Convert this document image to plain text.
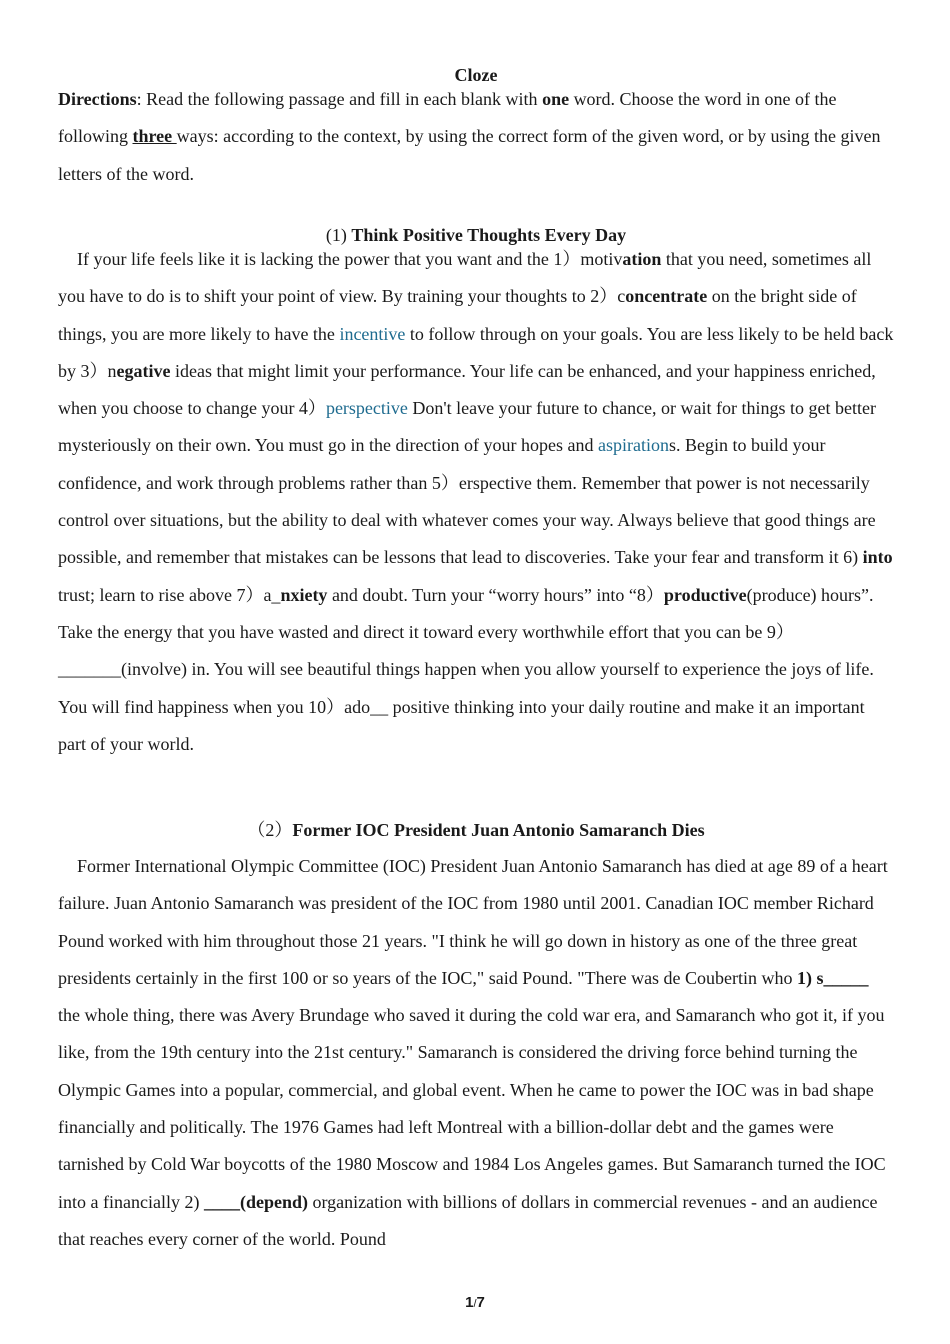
Cloze
Directions: Read the following passage and fill in each blank with one word. Choose the word in one of the following three ways: according to the context, by using the correct form of the given word, or by using the given letters of the word.
(1) Think Positive Thoughts Every Day
If your life feels like it is lacking the power that you want and the 1）motivation that you need, sometimes all you have to do is to shift your point of view. By training your thoughts to 2）concentrate on the bright side of things, you are more likely to have the incentive to follow through on your goals. You are less likely to be held back by 3）negative ideas that might limit your performance. Your life can be enhanced, and your happiness enriched, when you choose to change your 4）perspective Don't leave your future to chance, or wait for things to get better mysteriously on their own. You must go in the direction of your hopes and aspirations. Begin to build your confidence, and work through problems rather than 5）erspective them. Remember that power is not necessarily control over situations, but the ability to deal with whatever comes your way. Always believe that good things are possible, and remember that mistakes can be lessons that lead to discoveries. Take your fear and transform it 6) into trust; learn to rise above 7）a_nxiety and doubt. Turn your “worry hours” into “8）productive(produce) hours”. Take the energy that you have wasted and direct it toward every worthwhile effort that you can be 9）_______(involve) in. You will see beautiful things happen when you allow yourself to experience the joys of life. You will find happiness when you 10）ado__ positive thinking into your daily routine and make it an important part of your world.
（2）Former IOC President Juan Antonio Samaranch Dies
Former International Olympic Committee (IOC) President Juan Antonio Samaranch has died at age 89 of a heart failure. Juan Antonio Samaranch was president of the IOC from 1980 until 2001. Canadian IOC member Richard Pound worked with him throughout those 21 years. "I think he will go down in history as one of the three great presidents certainly in the first 100 or so years of the IOC," said Pound. "There was de Coubertin who 1) s_____ the whole thing, there was Avery Brundage who saved it during the cold war era, and Samaranch who got it, if you like, from the 19th century into the 21st century." Samaranch is considered the driving force behind turning the Olympic Games into a popular, commercial, and global event. When he came to power the IOC was in bad shape financially and politically. The 1976 Games had left Montreal with a billion-dollar debt and the games were tarnished by Cold War boycotts of the 1980 Moscow and 1984 Los Angeles games. But Samaranch turned the IOC into a financially 2) ____(depend) organization with billions of dollars in commercial revenues - and an audience that reaches every corner of the world. Pound
1/7
